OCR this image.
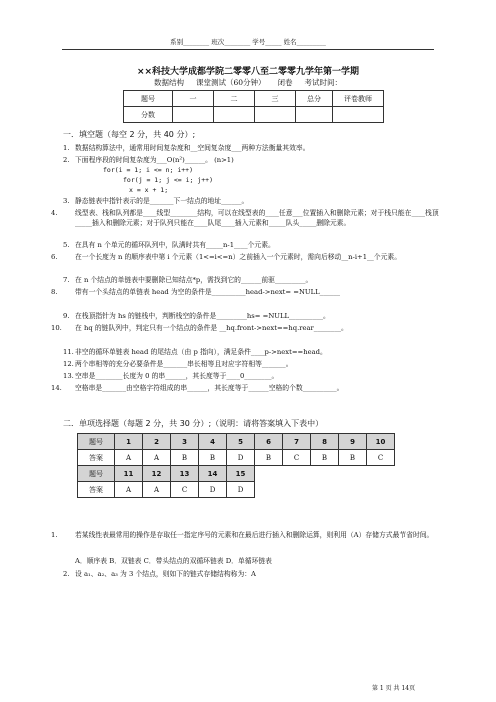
系别________ 班次________ 学号_____ 姓名_________
××科技大学成都学院二零零八至二零零九学年第一学期
数据结构 课堂测试（60分钟） 闭卷 考试时间：
题号	一	二	三	总分	评卷教师
分数					
一．填空题（每空 2 分，共 40 分）;
1. 数据结构算法中，通常用时间复杂度和__空间复杂度___两种方法衡量其效率。
2. 下面程序段的时间复杂度为___O(n²)______。 (n>1)
for(i = 1; i <= n; i++)
for(j = 1; j <= i; j++)
x = x + 1;
3. 静态链表中指针表示的是_______下一结点的地址______。
4.	线型表、栈和队列都是____线型________结构，可以在线型表的____任意___位置插入和删除元素；对于栈只能在____栈顶_____插入和删除元素；对于队列只能在____队尾____插入元素和_____队头_____删除元素。
5. 在具有 n 个单元的循环队列中，队满时共有_____n-1____个元素。
6.	在一个长度为 n 的顺序表中第 i 个元素（1<=i<=n）之前插入一个元素时，需向后移动__n-i+1__个元素。
7. 在 n 个结点的单链表中要删除已知结点*p，需找到它的______前驱_________。
8.	带有一个头结点的单链表 head 为空的条件是__________head->next= =NULL______
9. 在栈顶指针为 hs 的链栈中，判断栈空的条件是_________hs= =NULL__________。
10. 在 hq 的链队列中，判定只有一个结点的条件是 __hq.front->next==hq.rear________。
11.非空的循环单链表 head 的尾结点（由 p 指向），满足条件____p->next==head。
12.两个串相等的充分必要条件是_______串长相等且对应字符相等_______。
13.空串是________长度为 0 的串______，其长度等于____0________。
14. 空格串是_______由空格字符组成的串______，其长度等于______空格的个数__________。
二．单项选择题（每题 2 分，共 30 分）;（说明：请将答案填入下表中）
题号	1	2	3	4	5	6	7	8	9	10
答案	A	A	B	B	D	B	C	B	B	C
题号	11	12	13	14	15					
答案	A	A	C	D	D					
1.	若某线性表最常用的操作是存取任一指定序号的元素和在最后进行插入和删除运算，则利用（A）存储方式最节省时间。
A．顺序表 B．双链表 C．带头结点的双循环链表 D．单循环链表
2. 设 a₁、a₂、a₃ 为 3 个结点，则如下的链式存储结构称为：A
第 1 页 共 14页
